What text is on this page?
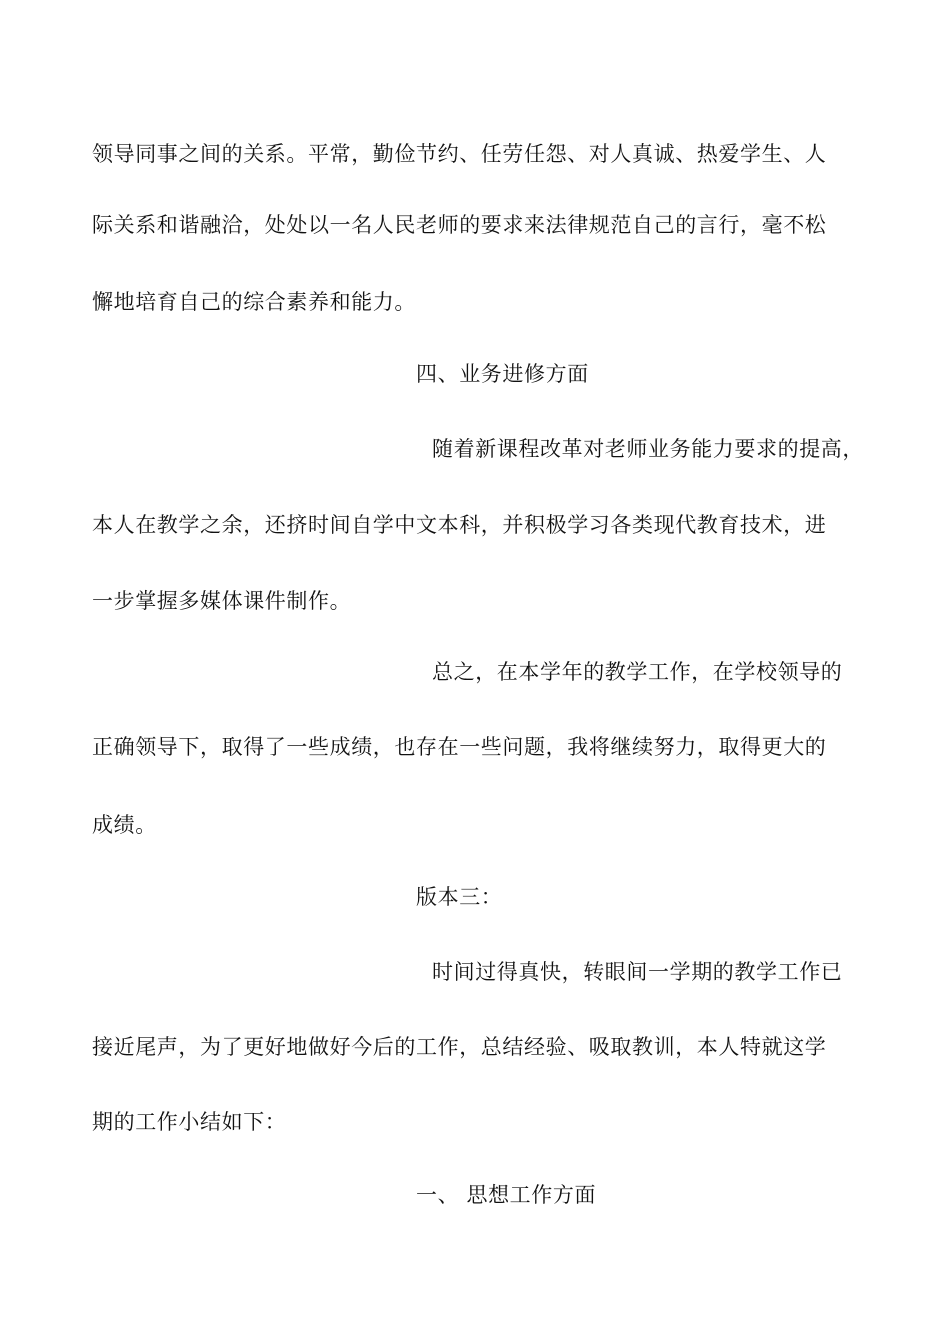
领导同事之间的关系。平常，勤俭节约、任劳任怨、对人真诚、热爱学生、人
际关系和谐融洽，处处以一名人民老师的要求来法律规范自己的言行，毫不松
懈地培育自己的综合素养和能力。
四、业务进修方面
随着新课程改革对老师业务能力要求的提高，
本人在教学之余，还挤时间自学中文本科，并积极学习各类现代教育技术，进
一步掌握多媒体课件制作。
总之，在本学年的教学工作，在学校领导的
正确领导下，取得了一些成绩，也存在一些问题，我将继续努力，取得更大的
成绩。
版本三：
时间过得真快，转眼间一学期的教学工作已
接近尾声，为了更好地做好今后的工作，总结经验、吸取教训，本人特就这学
期的工作小结如下：
一、 思想工作方面
